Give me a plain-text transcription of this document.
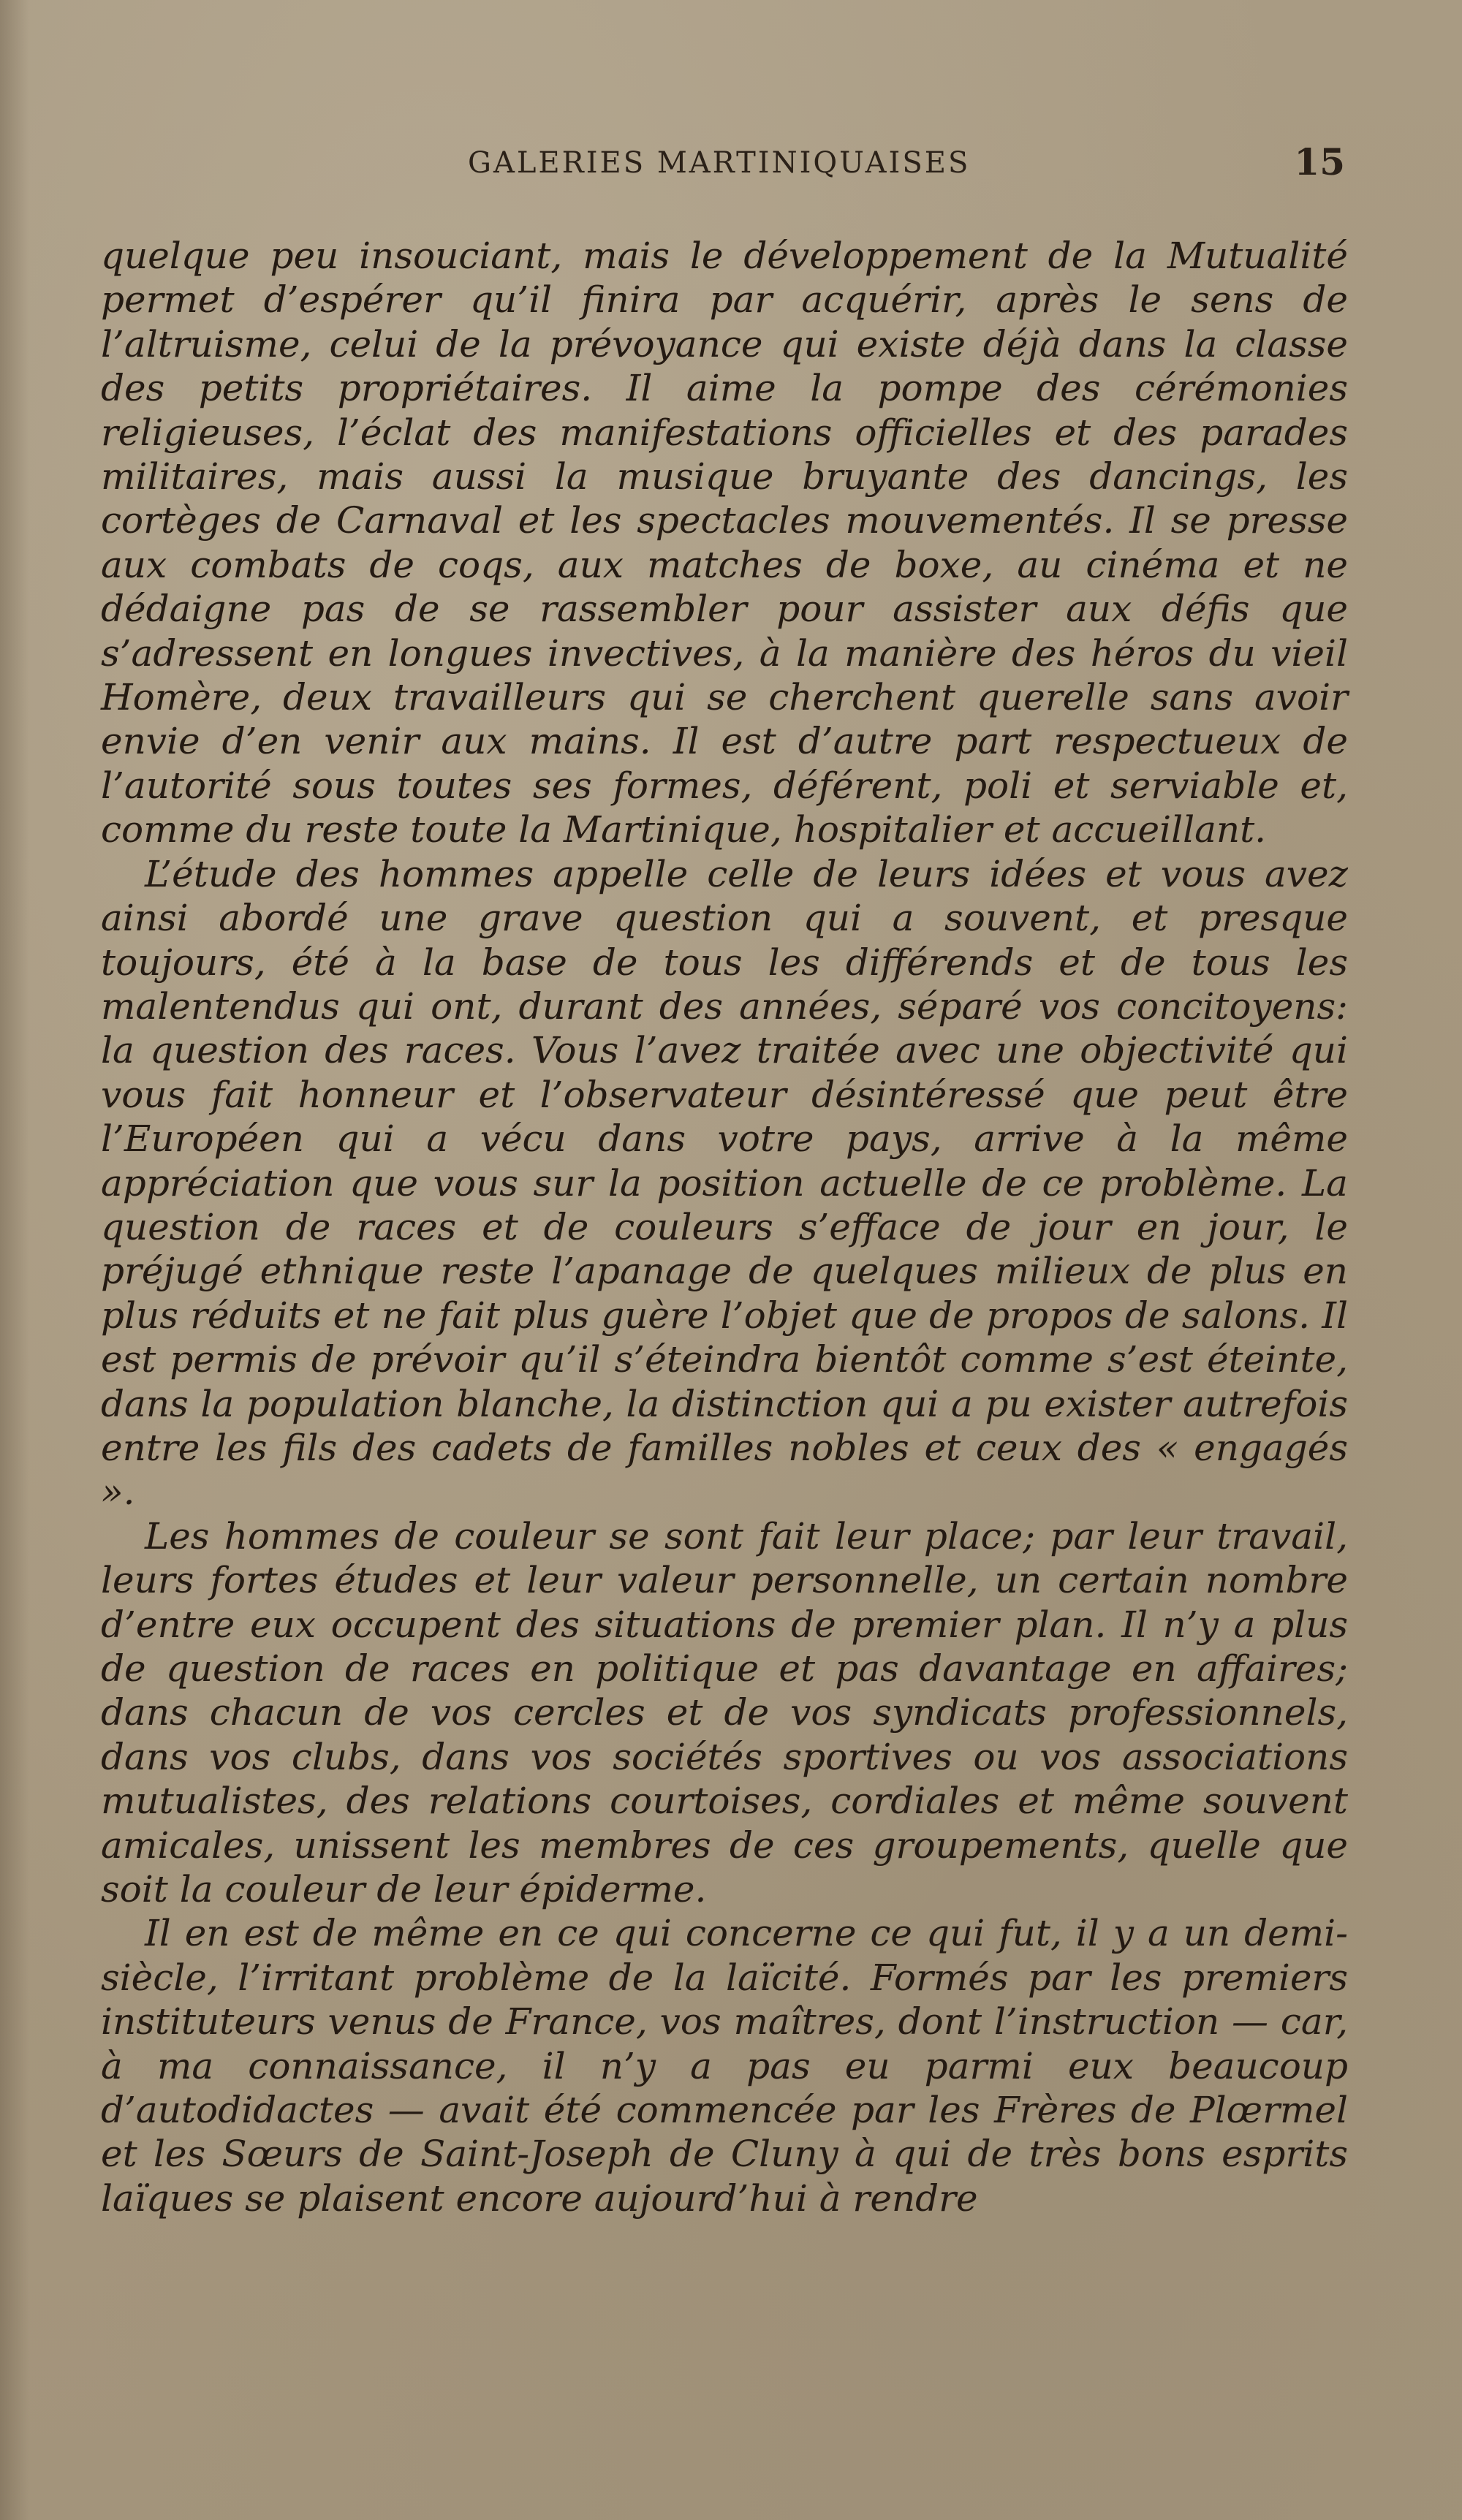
GALERIES MARTINIQUAISES	15

quelque peu insouciant, mais le développement de la Mutualité permet d’espérer qu’il finira par acquérir, après le sens de l’altruisme, celui de la prévoyance qui existe déjà dans la classe des petits propriétaires. Il aime la pompe des cérémonies religieuses, l’éclat des manifestations officielles et des parades militaires, mais aussi la musique bruyante des dancings, les cortèges de Carnaval et les spectacles mouvementés. Il se presse aux combats de coqs, aux matches de boxe, au cinéma et ne dédaigne pas de se rassembler pour assister aux défis que s’adressent en longues invectives, à la manière des héros du vieil Homère, deux travailleurs qui se cherchent querelle sans avoir envie d’en venir aux mains. Il est d’autre part respectueux de l’autorité sous toutes ses formes, déférent, poli et serviable et, comme du reste toute la Martinique, hospitalier et accueillant.

L’étude des hommes appelle celle de leurs idées et vous avez ainsi abordé une grave question qui a souvent, et presque toujours, été à la base de tous les différends et de tous les malentendus qui ont, durant des années, séparé vos concitoyens: la question des races. Vous l’avez traitée avec une objectivité qui vous fait honneur et l’observateur désintéressé que peut être l’Européen qui a vécu dans votre pays, arrive à la même appréciation que vous sur la position actuelle de ce problème. La question de races et de couleurs s’efface de jour en jour, le préjugé ethnique reste l’apanage de quelques milieux de plus en plus réduits et ne fait plus guère l’objet que de propos de salons. Il est permis de prévoir qu’il s’éteindra bientôt comme s’est éteinte, dans la population blanche, la distinction qui a pu exister autrefois entre les fils des cadets de familles nobles et ceux des « engagés ».

Les hommes de couleur se sont fait leur place; par leur travail, leurs fortes études et leur valeur personnelle, un certain nombre d’entre eux occupent des situations de premier plan. Il n’y a plus de question de races en politique et pas davantage en affaires; dans chacun de vos cercles et de vos syndicats professionnels, dans vos clubs, dans vos sociétés sportives ou vos associations mutualistes, des relations courtoises, cordiales et même souvent amicales, unissent les membres de ces groupements, quelle que soit la couleur de leur épiderme.

Il en est de même en ce qui concerne ce qui fut, il y a un demi-siècle, l’irritant problème de la laïcité. Formés par les premiers instituteurs venus de France, vos maîtres, dont l’instruction — car, à ma connaissance, il n’y a pas eu parmi eux beaucoup d’autodidactes — avait été commencée par les Frères de Plœrmel et les Sœurs de Saint-Joseph de Cluny à qui de très bons esprits laïques se plaisent encore aujourd’hui à rendre
